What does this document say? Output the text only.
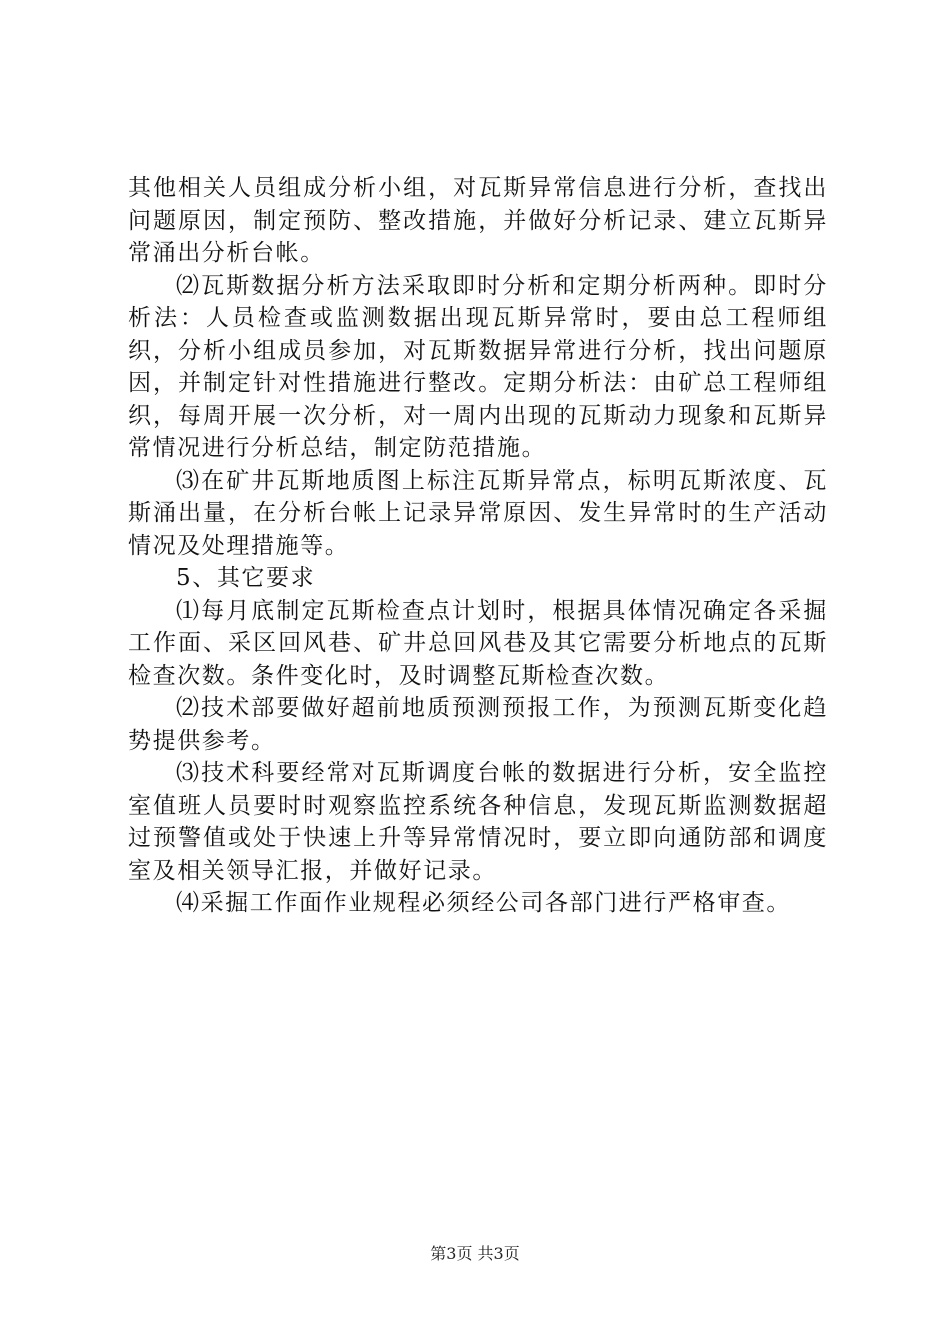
其他相关人员组成分析小组，对瓦斯异常信息进行分析，查找出问题原因，制定预防、整改措施，并做好分析记录、建立瓦斯异常涌出分析台帐。

⑵瓦斯数据分析方法采取即时分析和定期分析两种。即时分析法：人员检查或监测数据出现瓦斯异常时，要由总工程师组织，分析小组成员参加，对瓦斯数据异常进行分析，找出问题原因，并制定针对性措施进行整改。定期分析法：由矿总工程师组织，每周开展一次分析，对一周内出现的瓦斯动力现象和瓦斯异常情况进行分析总结，制定防范措施。

⑶在矿井瓦斯地质图上标注瓦斯异常点，标明瓦斯浓度、瓦斯涌出量，在分析台帐上记录异常原因、发生异常时的生产活动情况及处理措施等。

5、其它要求

⑴每月底制定瓦斯检查点计划时，根据具体情况确定各采掘工作面、采区回风巷、矿井总回风巷及其它需要分析地点的瓦斯检查次数。条件变化时，及时调整瓦斯检查次数。

⑵技术部要做好超前地质预测预报工作，为预测瓦斯变化趋势提供参考。

⑶技术科要经常对瓦斯调度台帐的数据进行分析，安全监控室值班人员要时时观察监控系统各种信息，发现瓦斯监测数据超过预警值或处于快速上升等异常情况时，要立即向通防部和调度室及相关领导汇报，并做好记录。

⑷采掘工作面作业规程必须经公司各部门进行严格审查。

第3页 共3页
